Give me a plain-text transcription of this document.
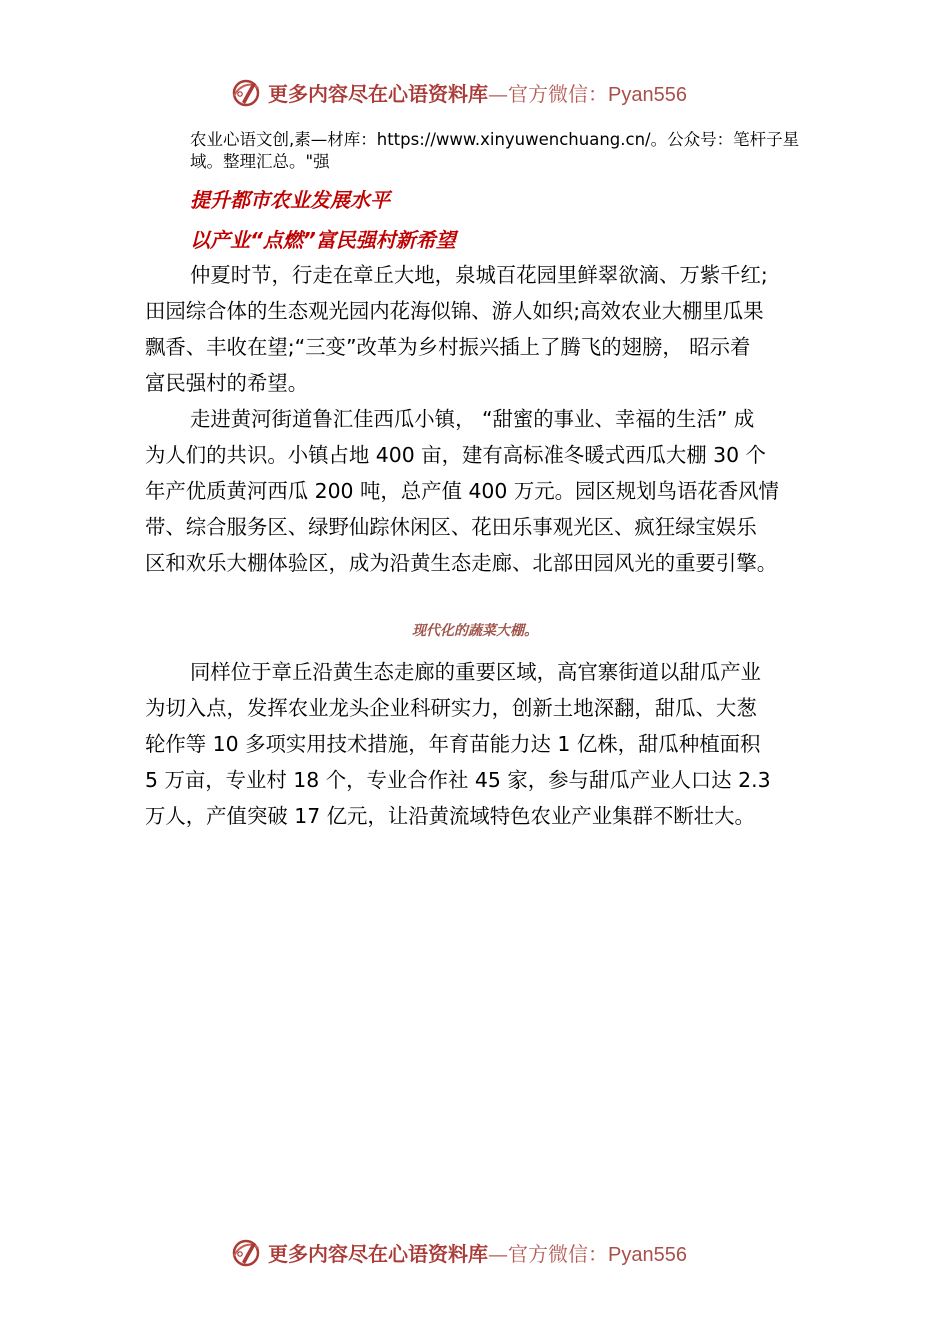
更多内容尽在心语资料库—官方微信：Pyan556
农业心语文创,素—材库：https://www.xinyuwenchuang.cn/。公众号：笔杆子星域。整理汇总。"强
提升都市农业发展水平
以产业“点燃”富民强村新希望
仲夏时节，行走在章丘大地，泉城百花园里鲜翠欲滴、万紫千红;
田园综合体的生态观光园内花海似锦、游人如织;高效农业大棚里瓜果
飘香、丰收在望;“三变”改革为乡村振兴插上了腾飞的翅膀， 昭示着
富民强村的希望。
走进黄河街道鲁汇佳西瓜小镇， “甜蜜的事业、幸福的生活” 成
为人们的共识。小镇占地 400 亩，建有高标准冬暖式西瓜大棚 30 个
年产优质黄河西瓜 200 吨，总产值 400 万元。园区规划鸟语花香风情
带、综合服务区、绿野仙踪休闲区、花田乐事观光区、疯狂绿宝娱乐
区和欢乐大棚体验区，成为沿黄生态走廊、北部田园风光的重要引擎。
现代化的蔬菜大棚。
同样位于章丘沿黄生态走廊的重要区域，高官寨街道以甜瓜产业
为切入点，发挥农业龙头企业科研实力，创新土地深翻，甜瓜、大葱
轮作等 10 多项实用技术措施，年育苗能力达 1 亿株，甜瓜种植面积
5 万亩，专业村 18 个，专业合作社 45 家，参与甜瓜产业人口达 2.3
万人，产值突破 17 亿元，让沿黄流域特色农业产业集群不断壮大。
更多内容尽在心语资料库—官方微信：Pyan556
